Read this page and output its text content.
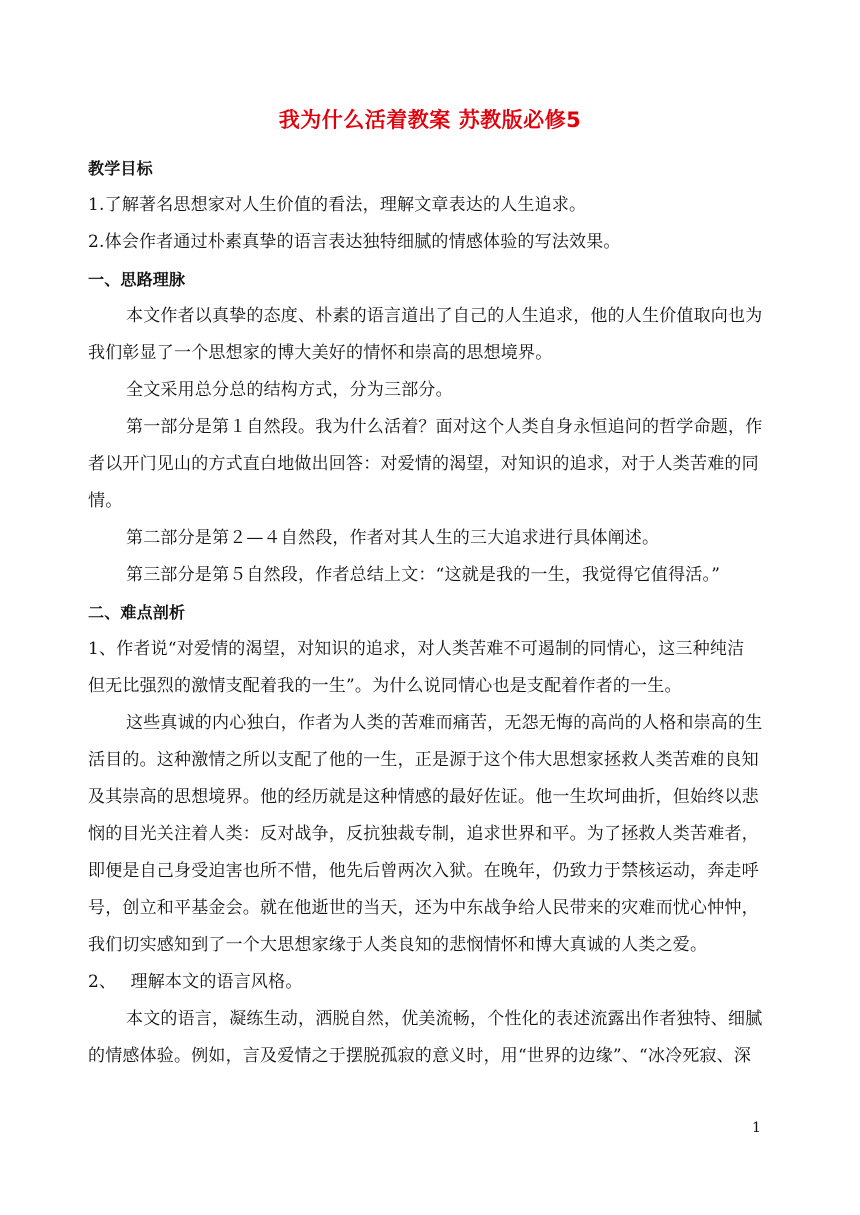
我为什么活着教案 苏教版必修5
教学目标
1.了解著名思想家对人生价值的看法，理解文章表达的人生追求。
2.体会作者通过朴素真挚的语言表达独特细腻的情感体验的写法效果。
一、思路理脉
本文作者以真挚的态度、朴素的语言道出了自己的人生追求，他的人生价值取向也为
我们彰显了一个思想家的博大美好的情怀和崇高的思想境界。
全文采用总分总的结构方式，分为三部分。
第一部分是第１自然段。我为什么活着？面对这个人类自身永恒追问的哲学命题，作
者以开门见山的方式直白地做出回答：对爱情的渴望，对知识的追求，对于人类苦难的同
情。
第二部分是第２—４自然段，作者对其人生的三大追求进行具体阐述。
第三部分是第５自然段，作者总结上文：“这就是我的一生，我觉得它值得活。”
二、难点剖析
1、作者说“对爱情的渴望，对知识的追求，对人类苦难不可遏制的同情心，这三种纯洁
但无比强烈的激情支配着我的一生”。为什么说同情心也是支配着作者的一生。
这些真诚的内心独白，作者为人类的苦难而痛苦，无怨无悔的高尚的人格和崇高的生
活目的。这种激情之所以支配了他的一生，正是源于这个伟大思想家拯救人类苦难的良知
及其崇高的思想境界。他的经历就是这种情感的最好佐证。他一生坎坷曲折，但始终以悲
悯的目光关注着人类：反对战争，反抗独裁专制，追求世界和平。为了拯救人类苦难者，
即便是自己身受迫害也所不惜，他先后曾两次入狱。在晚年，仍致力于禁核运动，奔走呼
号，创立和平基金会。就在他逝世的当天，还为中东战争给人民带来的灾难而忧心忡忡，
我们切实感知到了一个大思想家缘于人类良知的悲悯情怀和博大真诚的人类之爱。
2、　 理解本文的语言风格。
本文的语言，凝练生动，洒脱自然，优美流畅，个性化的表述流露出作者独特、细腻
的情感体验。例如，言及爱情之于摆脱孤寂的意义时，用“世界的边缘”、“冰冷死寂、深
1
